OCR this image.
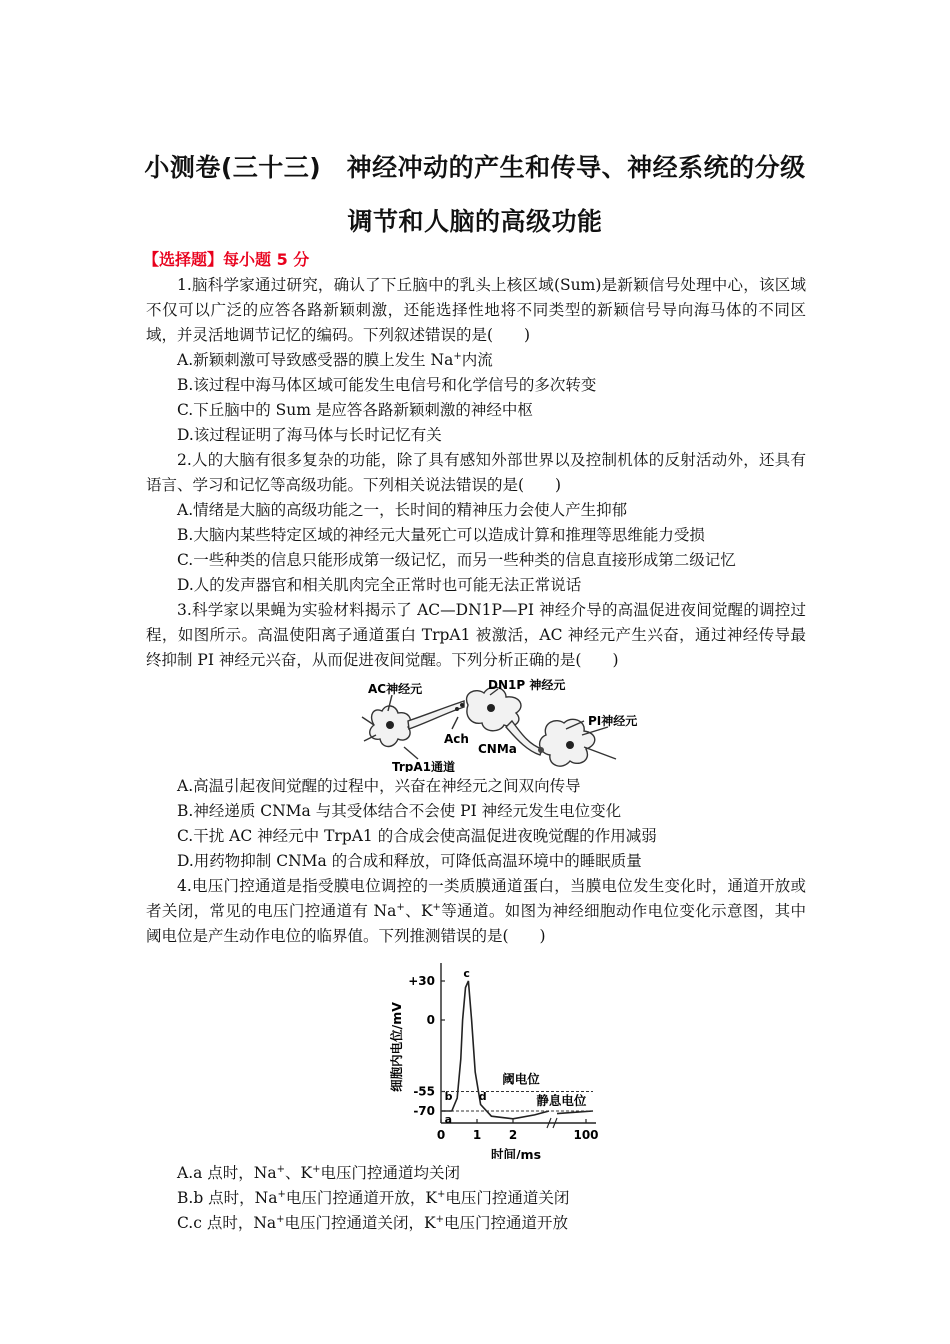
小测卷(三十三)　神经冲动的产生和传导、神经系统的分级
调节和人脑的高级功能
【选择题】每小题 5 分

1.脑科学家通过研究，确认了下丘脑中的乳头上核区域(Sum)是新颖信号处理中心，该区域不仅可以广泛的应答各路新颖刺激，还能选择性地将不同类型的新颖信号导向海马体的不同区域，并灵活地调节记忆的编码。下列叙述错误的是(　　)

A.新颖刺激可导致感受器的膜上发生 Na+内流

B.该过程中海马体区域可能发生电信号和化学信号的多次转变

C.下丘脑中的 Sum 是应答各路新颖刺激的神经中枢

D.该过程证明了海马体与长时记忆有关

2.人的大脑有很多复杂的功能，除了具有感知外部世界以及控制机体的反射活动外，还具有语言、学习和记忆等高级功能。下列相关说法错误的是(　　)

A.情绪是大脑的高级功能之一，长时间的精神压力会使人产生抑郁

B.大脑内某些特定区域的神经元大量死亡可以造成计算和推理等思维能力受损

C.一些种类的信息只能形成第一级记忆，而另一些种类的信息直接形成第二级记忆

D.人的发声器官和相关肌肉完全正常时也可能无法正常说话

3.科学家以果蝇为实验材料揭示了 AC—DN1P—PI 神经介导的高温促进夜间觉醒的调控过程，如图所示。高温使阳离子通道蛋白 TrpA1 被激活，AC 神经元产生兴奋，通过神经传导最终抑制 PI 神经元兴奋，从而促进夜间觉醒。下列分析正确的是(　　)

AC神经元	DN1P 神经元
PI神经元
Ach
CNMa
TrpA1通道

A.高温引起夜间觉醒的过程中，兴奋在神经元之间双向传导

B.神经递质 CNMa 与其受体结合不会使 PI 神经元发生电位变化

C.干扰 AC 神经元中 TrpA1 的合成会使高温促进夜晚觉醒的作用减弱

D.用药物抑制 CNMa 的合成和释放，可降低高温环境中的睡眠质量

4.电压门控通道是指受膜电位调控的一类质膜通道蛋白，当膜电位发生变化时，通道开放或者关闭，常见的电压门控通道有 Na+、K+等通道。如图为神经细胞动作电位变化示意图，其中阈电位是产生动作电位的临界值。下列推测错误的是(　　)

细胞内电位/mV
时间/ms
+30
0
-55
-70
0 1 2	100
a
b
c
d
阈电位
静息电位

A.a 点时，Na+、K+电压门控通道均关闭

B.b 点时，Na+电压门控通道开放，K+电压门控通道关闭

C.c 点时，Na+电压门控通道关闭，K+电压门控通道开放
